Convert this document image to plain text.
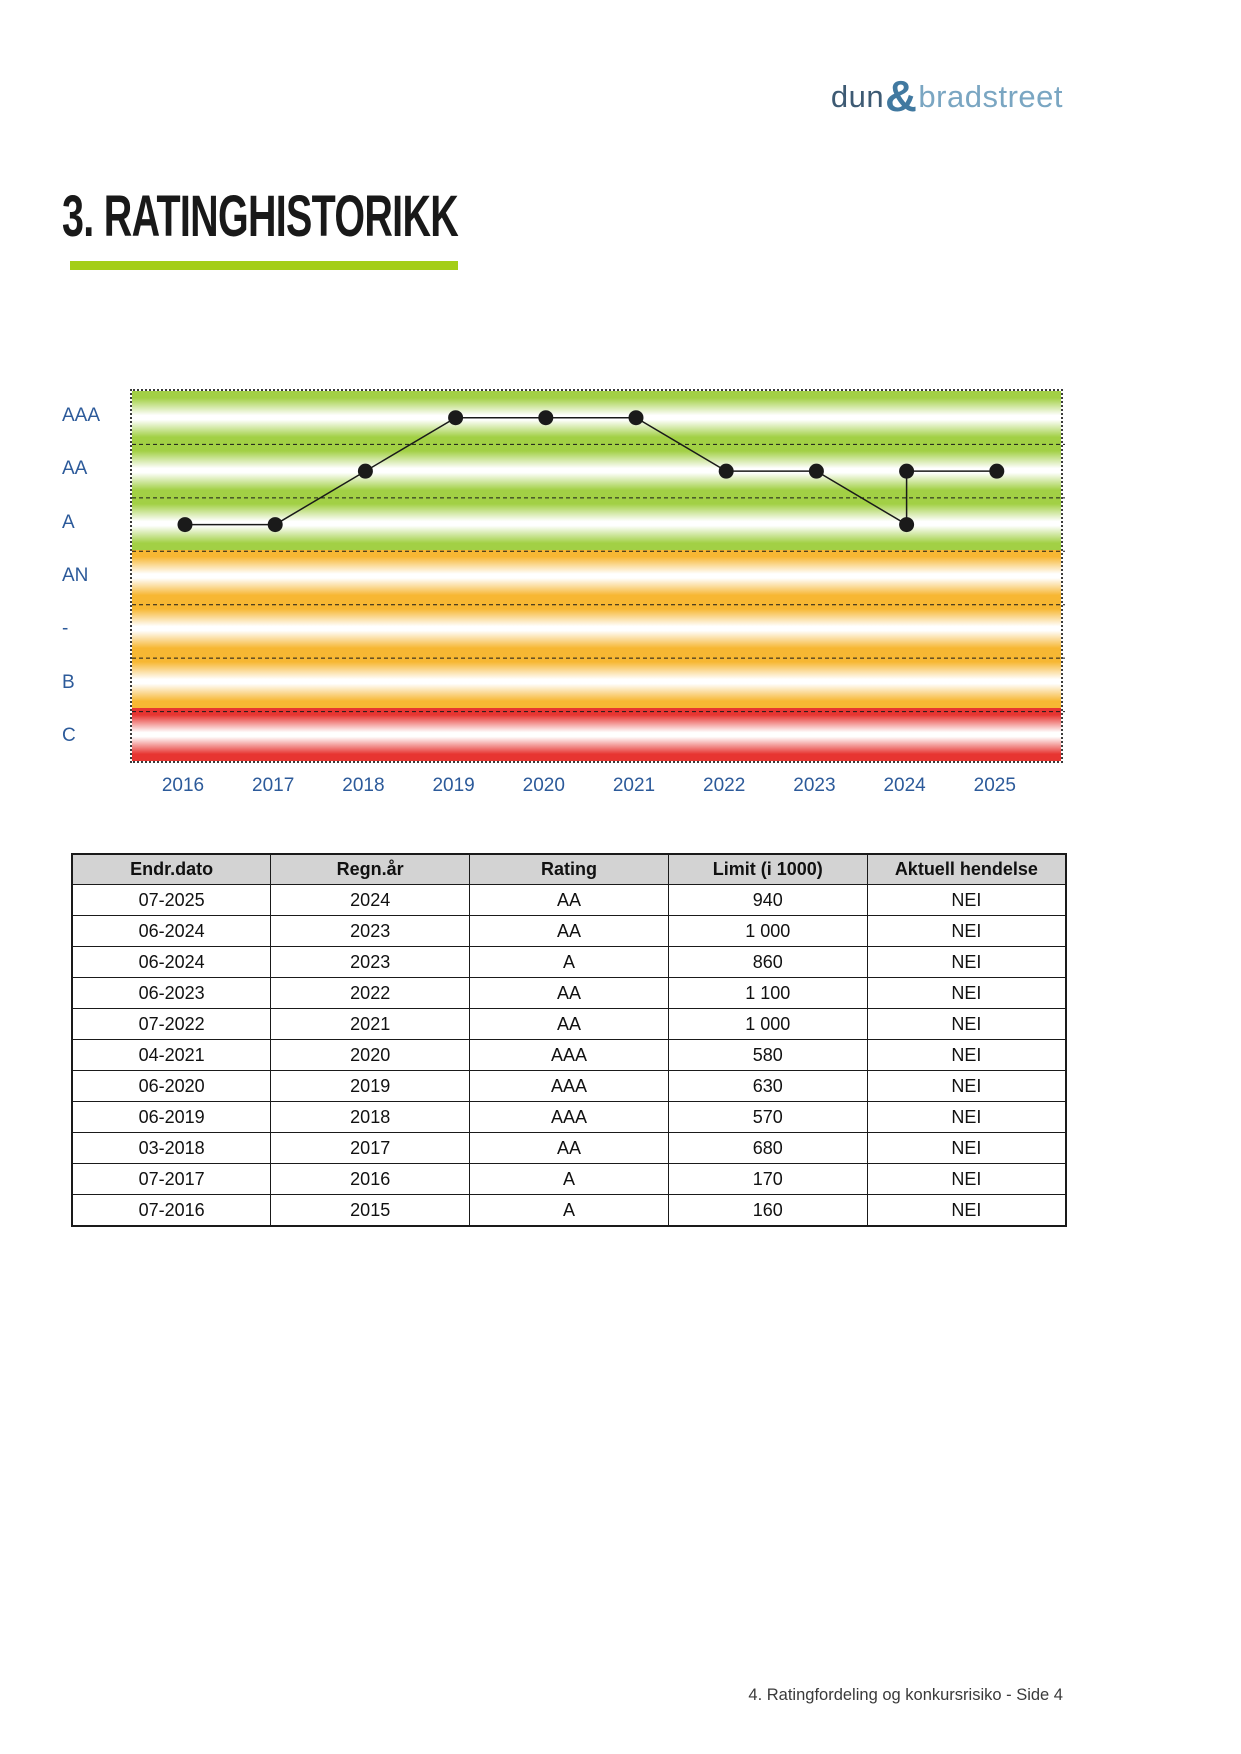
dun&bradstreet
3. RATINGHISTORIKK
AAA
AA
A
AN
-
B
C
2016	2017	2018	2019	2020	2021	2022	2023	2024	2025
Endr.dato	Regn.år	Rating	Limit (i 1000)	Aktuell hendelse
07-2025	2024	AA	940	NEI
06-2024	2023	AA	1 000	NEI
06-2024	2023	A	860	NEI
06-2023	2022	AA	1 100	NEI
07-2022	2021	AA	1 000	NEI
04-2021	2020	AAA	580	NEI
06-2020	2019	AAA	630	NEI
06-2019	2018	AAA	570	NEI
03-2018	2017	AA	680	NEI
07-2017	2016	A	170	NEI
07-2016	2015	A	160	NEI
4. Ratingfordeling og konkursrisiko - Side 4
